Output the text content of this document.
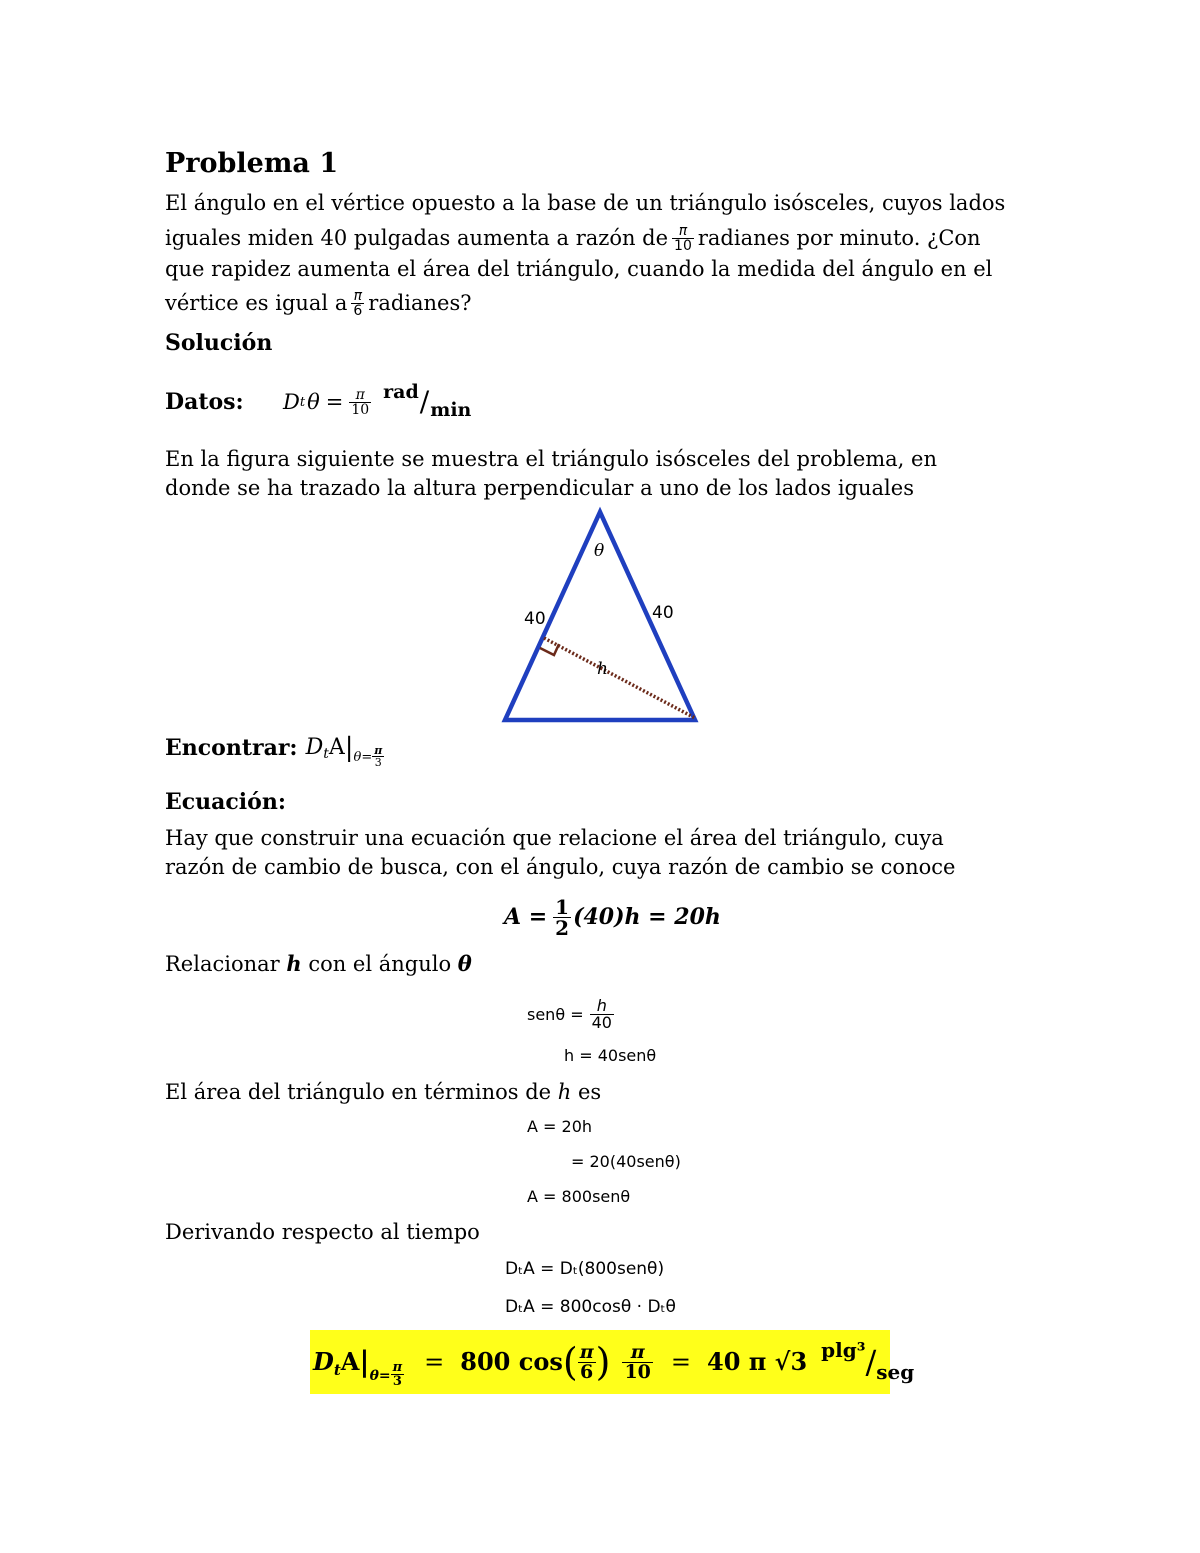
Problema 1
El ángulo en el vértice opuesto a la base de un triángulo isósceles, cuyos lados
iguales miden 40 pulgadas aumenta a razón de $\frac{\pi}{10}$ radianes por minuto. ¿Con
que rapidez aumenta el área del triángulo, cuando la medida del ángulo en el
vértice es igual a $\frac{\pi}{6}$ radianes?
Solución
Datos:	D t $\theta = \frac{\pi}{10}$ rad / min
En la figura siguiente se muestra el triángulo isósceles del problema, en
donde se ha trazado la altura perpendicular a uno de los lados iguales
θ
40	40
h
Encontrar: D t A | $\theta= \frac{\pi}{3}$
Ecuación:
Hay que construir una ecuación que relacione el área del triángulo, cuya
razón de cambio de busca, con el ángulo, cuya razón de cambio se conoce
$A = \frac{1}{2} (40)h = 20h$
Relacionar h con el ángulo θ
$sen\theta = \frac{h}{40}$
h = 40senθ
El área del triángulo en términos de h es
A = 20h
= 20(40senθ)
A = 800senθ
Derivando respecto al tiempo
DₜA = Dₜ(800senθ)
DₜA = 800cosθ · Dₜθ
D t A | $\theta= \frac{\pi}{3} = 800$ cos ( $\frac{\pi}{6}$ ) $\frac{\pi}{10} = 40$ π √3 plg³ / seg
